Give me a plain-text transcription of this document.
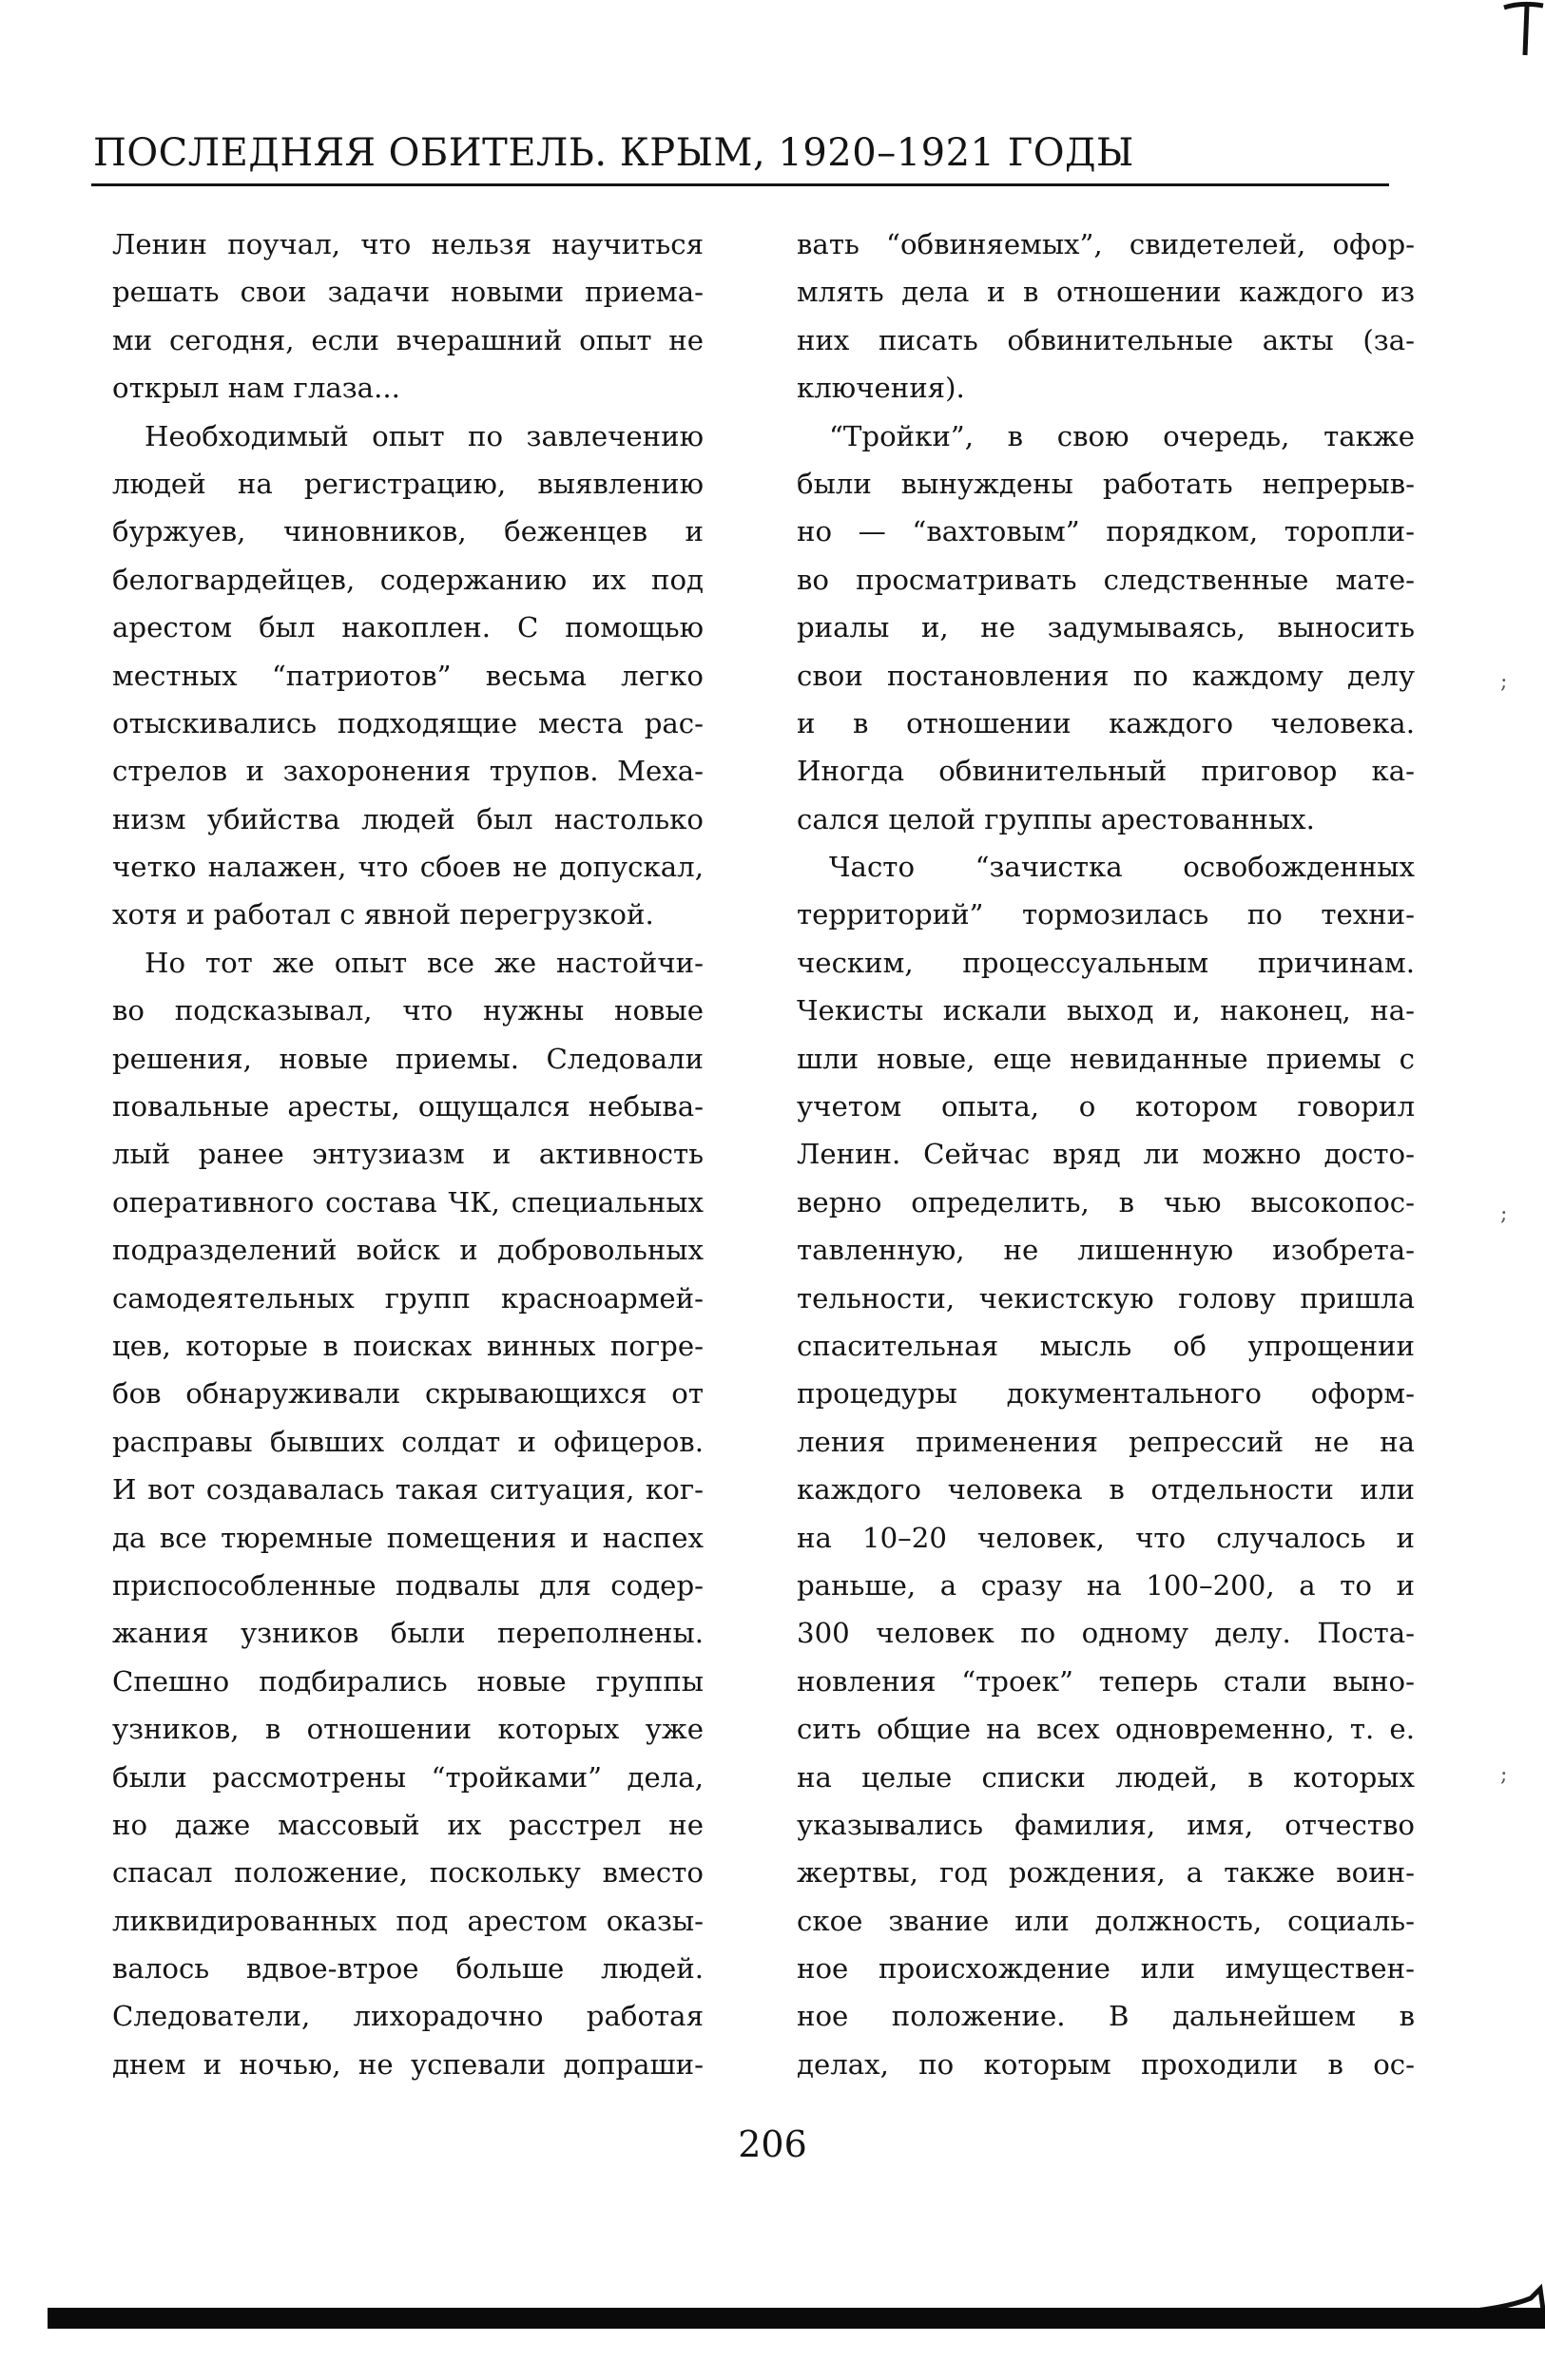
ПОСЛЕДНЯЯ ОБИТЕЛЬ. КРЫМ, 1920–1921 ГОДЫ
Ленин поучал, что нельзя научиться
решать свои задачи новыми приема-
ми сегодня, если вчерашний опыт не
открыл нам глаза...
Необходимый опыт по завлечению
людей на регистрацию, выявлению
буржуев, чиновников, беженцев и
белогвардейцев, содержанию их под
арестом был накоплен. С помощью
местных “патриотов” весьма легко
отыскивались подходящие места рас-
стрелов и захоронения трупов. Меха-
низм убийства людей был настолько
четко налажен, что сбоев не допускал,
хотя и работал с явной перегрузкой.
Но тот же опыт все же настойчи-
во подсказывал, что нужны новые
решения, новые приемы. Следовали
повальные аресты, ощущался небыва-
лый ранее энтузиазм и активность
оперативного состава ЧК, специальных
подразделений войск и добровольных
самодеятельных групп красноармей-
цев, которые в поисках винных погре-
бов обнаруживали скрывающихся от
расправы бывших солдат и офицеров.
И вот создавалась такая ситуация, ког-
да все тюремные помещения и наспех
приспособленные подвалы для содер-
жания узников были переполнены.
Спешно подбирались новые группы
узников, в отношении которых уже
были рассмотрены “тройками” дела,
но даже массовый их расстрел не
спасал положение, поскольку вместо
ликвидированных под арестом оказы-
валось вдвое-втрое больше людей.
Следователи, лихорадочно работая
днем и ночью, не успевали допраши-
вать “обвиняемых”, свидетелей, офор-
млять дела и в отношении каждого из
них писать обвинительные акты (за-
ключения).
“Тройки”, в свою очередь, также
были вынуждены работать непрерыв-
но — “вахтовым” порядком, торопли-
во просматривать следственные мате-
риалы и, не задумываясь, выносить
свои постановления по каждому делу
и в отношении каждого человека.
Иногда обвинительный приговор ка-
сался целой группы арестованных.
Часто “зачистка освобожденных
территорий” тормозилась по техни-
ческим, процессуальным причинам.
Чекисты искали выход и, наконец, на-
шли новые, еще невиданные приемы с
учетом опыта, о котором говорил
Ленин. Сейчас вряд ли можно досто-
верно определить, в чью высокопос-
тавленную, не лишенную изобрета-
тельности, чекистскую голову пришла
спасительная мысль об упрощении
процедуры документального оформ-
ления применения репрессий не на
каждого человека в отдельности или
на 10–20 человек, что случалось и
раньше, а сразу на 100–200, а то и
300 человек по одному делу. Поста-
новления “троек” теперь стали выно-
сить общие на всех одновременно, т. е.
на целые списки людей, в которых
указывались фамилия, имя, отчество
жертвы, год рождения, а также воин-
ское звание или должность, социаль-
ное происхождение или имуществен-
ное положение. В дальнейшем в
делах, по которым проходили в ос-
;
;
;
206
